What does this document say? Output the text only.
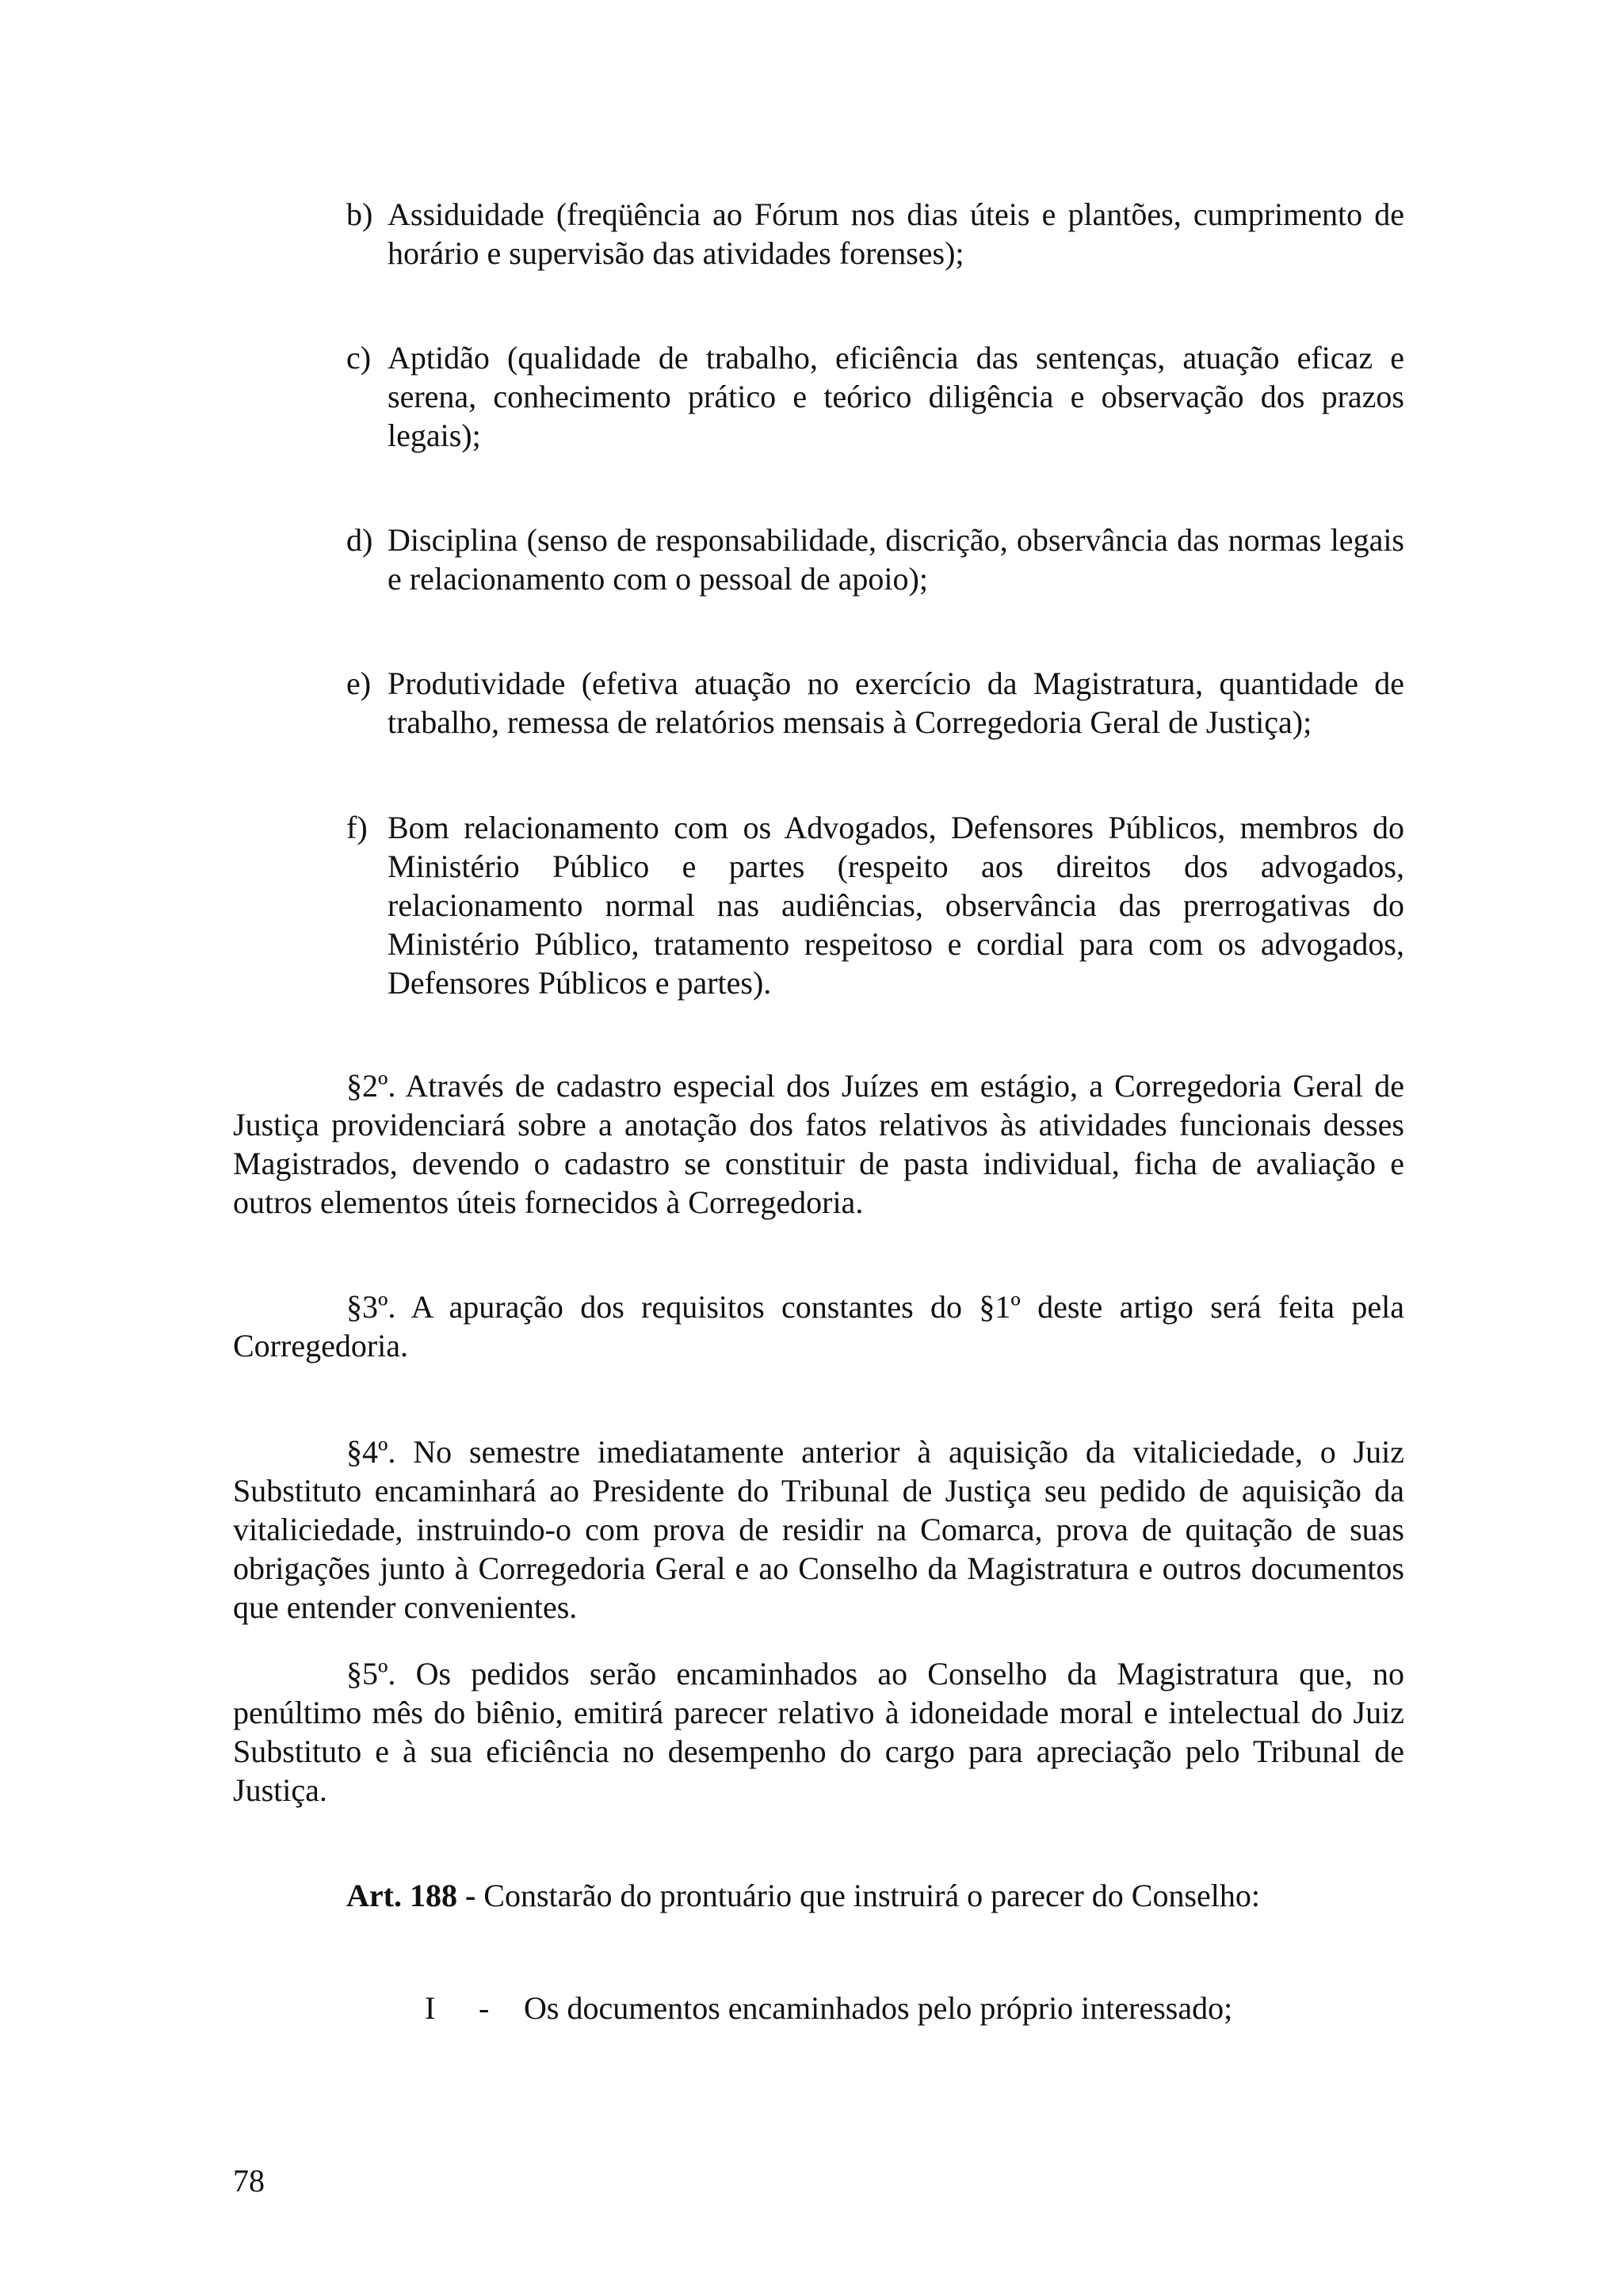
b) Assiduidade (freqüência ao Fórum nos dias úteis e plantões, cumprimento de horário e supervisão das atividades forenses);
c) Aptidão (qualidade de trabalho, eficiência das sentenças, atuação eficaz e serena, conhecimento prático e teórico diligência e observação dos prazos legais);
d) Disciplina (senso de responsabilidade, discrição, observância das normas legais e relacionamento com o pessoal de apoio);
e) Produtividade (efetiva atuação no exercício da Magistratura, quantidade de trabalho, remessa de relatórios mensais à Corregedoria Geral de Justiça);
f) Bom relacionamento com os Advogados, Defensores Públicos, membros do Ministério Público e partes (respeito aos direitos dos advogados, relacionamento normal nas audiências, observância das prerrogativas do Ministério Público, tratamento respeitoso e cordial para com os advogados, Defensores Públicos e partes).
§2º. Através de cadastro especial dos Juízes em estágio, a Corregedoria Geral de Justiça providenciará sobre a anotação dos fatos relativos às atividades funcionais desses Magistrados, devendo o cadastro se constituir de pasta individual, ficha de avaliação e outros elementos úteis fornecidos à Corregedoria.
§3º. A apuração dos requisitos constantes do §1º deste artigo será feita pela Corregedoria.
§4º. No semestre imediatamente anterior à aquisição da vitaliciedade, o Juiz Substituto encaminhará ao Presidente do Tribunal de Justiça seu pedido de aquisição da vitaliciedade, instruindo-o com prova de residir na Comarca, prova de quitação de suas obrigações junto à Corregedoria Geral e ao Conselho da Magistratura e outros documentos que entender convenientes.
§5º. Os pedidos serão encaminhados ao Conselho da Magistratura que, no penúltimo mês do biênio, emitirá parecer relativo à idoneidade moral e intelectual do Juiz Substituto e à sua eficiência no desempenho do cargo para apreciação pelo Tribunal de Justiça.
Art. 188 - Constarão do prontuário que instruirá o parecer do Conselho:
I - Os documentos encaminhados pelo próprio interessado;
78
